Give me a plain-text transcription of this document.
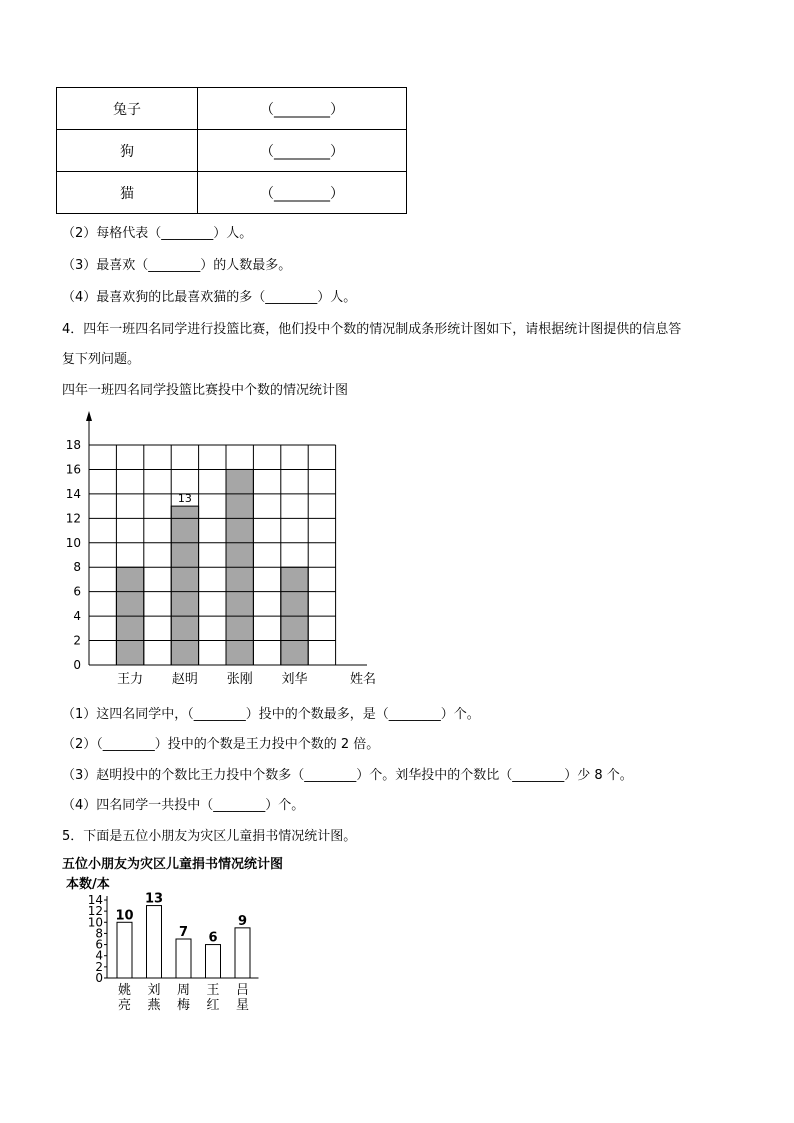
兔子	（________）
狗	（________）
猫	（________）
（2）每格代表（________）人。
（3）最喜欢（________）的人数最多。
（4）最喜欢狗的比最喜欢猫的多（________）人。
4．四年一班四名同学进行投篮比赛，他们投中个数的情况制成条形统计图如下，请根据统计图提供的信息答
复下列问题。
四年一班四名同学投篮比赛投中个数的情况统计图
0
2
4
6
8
10
12
14
16
18
王力 赵明 张刚 刘华
13
姓名
（1）这四名同学中，（________）投中的个数最多，是（________）个。
（2）（________）投中的个数是王力投中个数的 2 倍。
（3）赵明投中的个数比王力投中个数多（________）个。刘华投中的个数比（________）少 8 个。
（4）四名同学一共投中（________）个。
5．下面是五位小朋友为灾区儿童捐书情况统计图。
五位小朋友为灾区儿童捐书情况统计图
本数/本
0
2
4
6
8
10
12
14
10
姚亮
13
刘燕
7
周梅
6
王红
9
吕星
